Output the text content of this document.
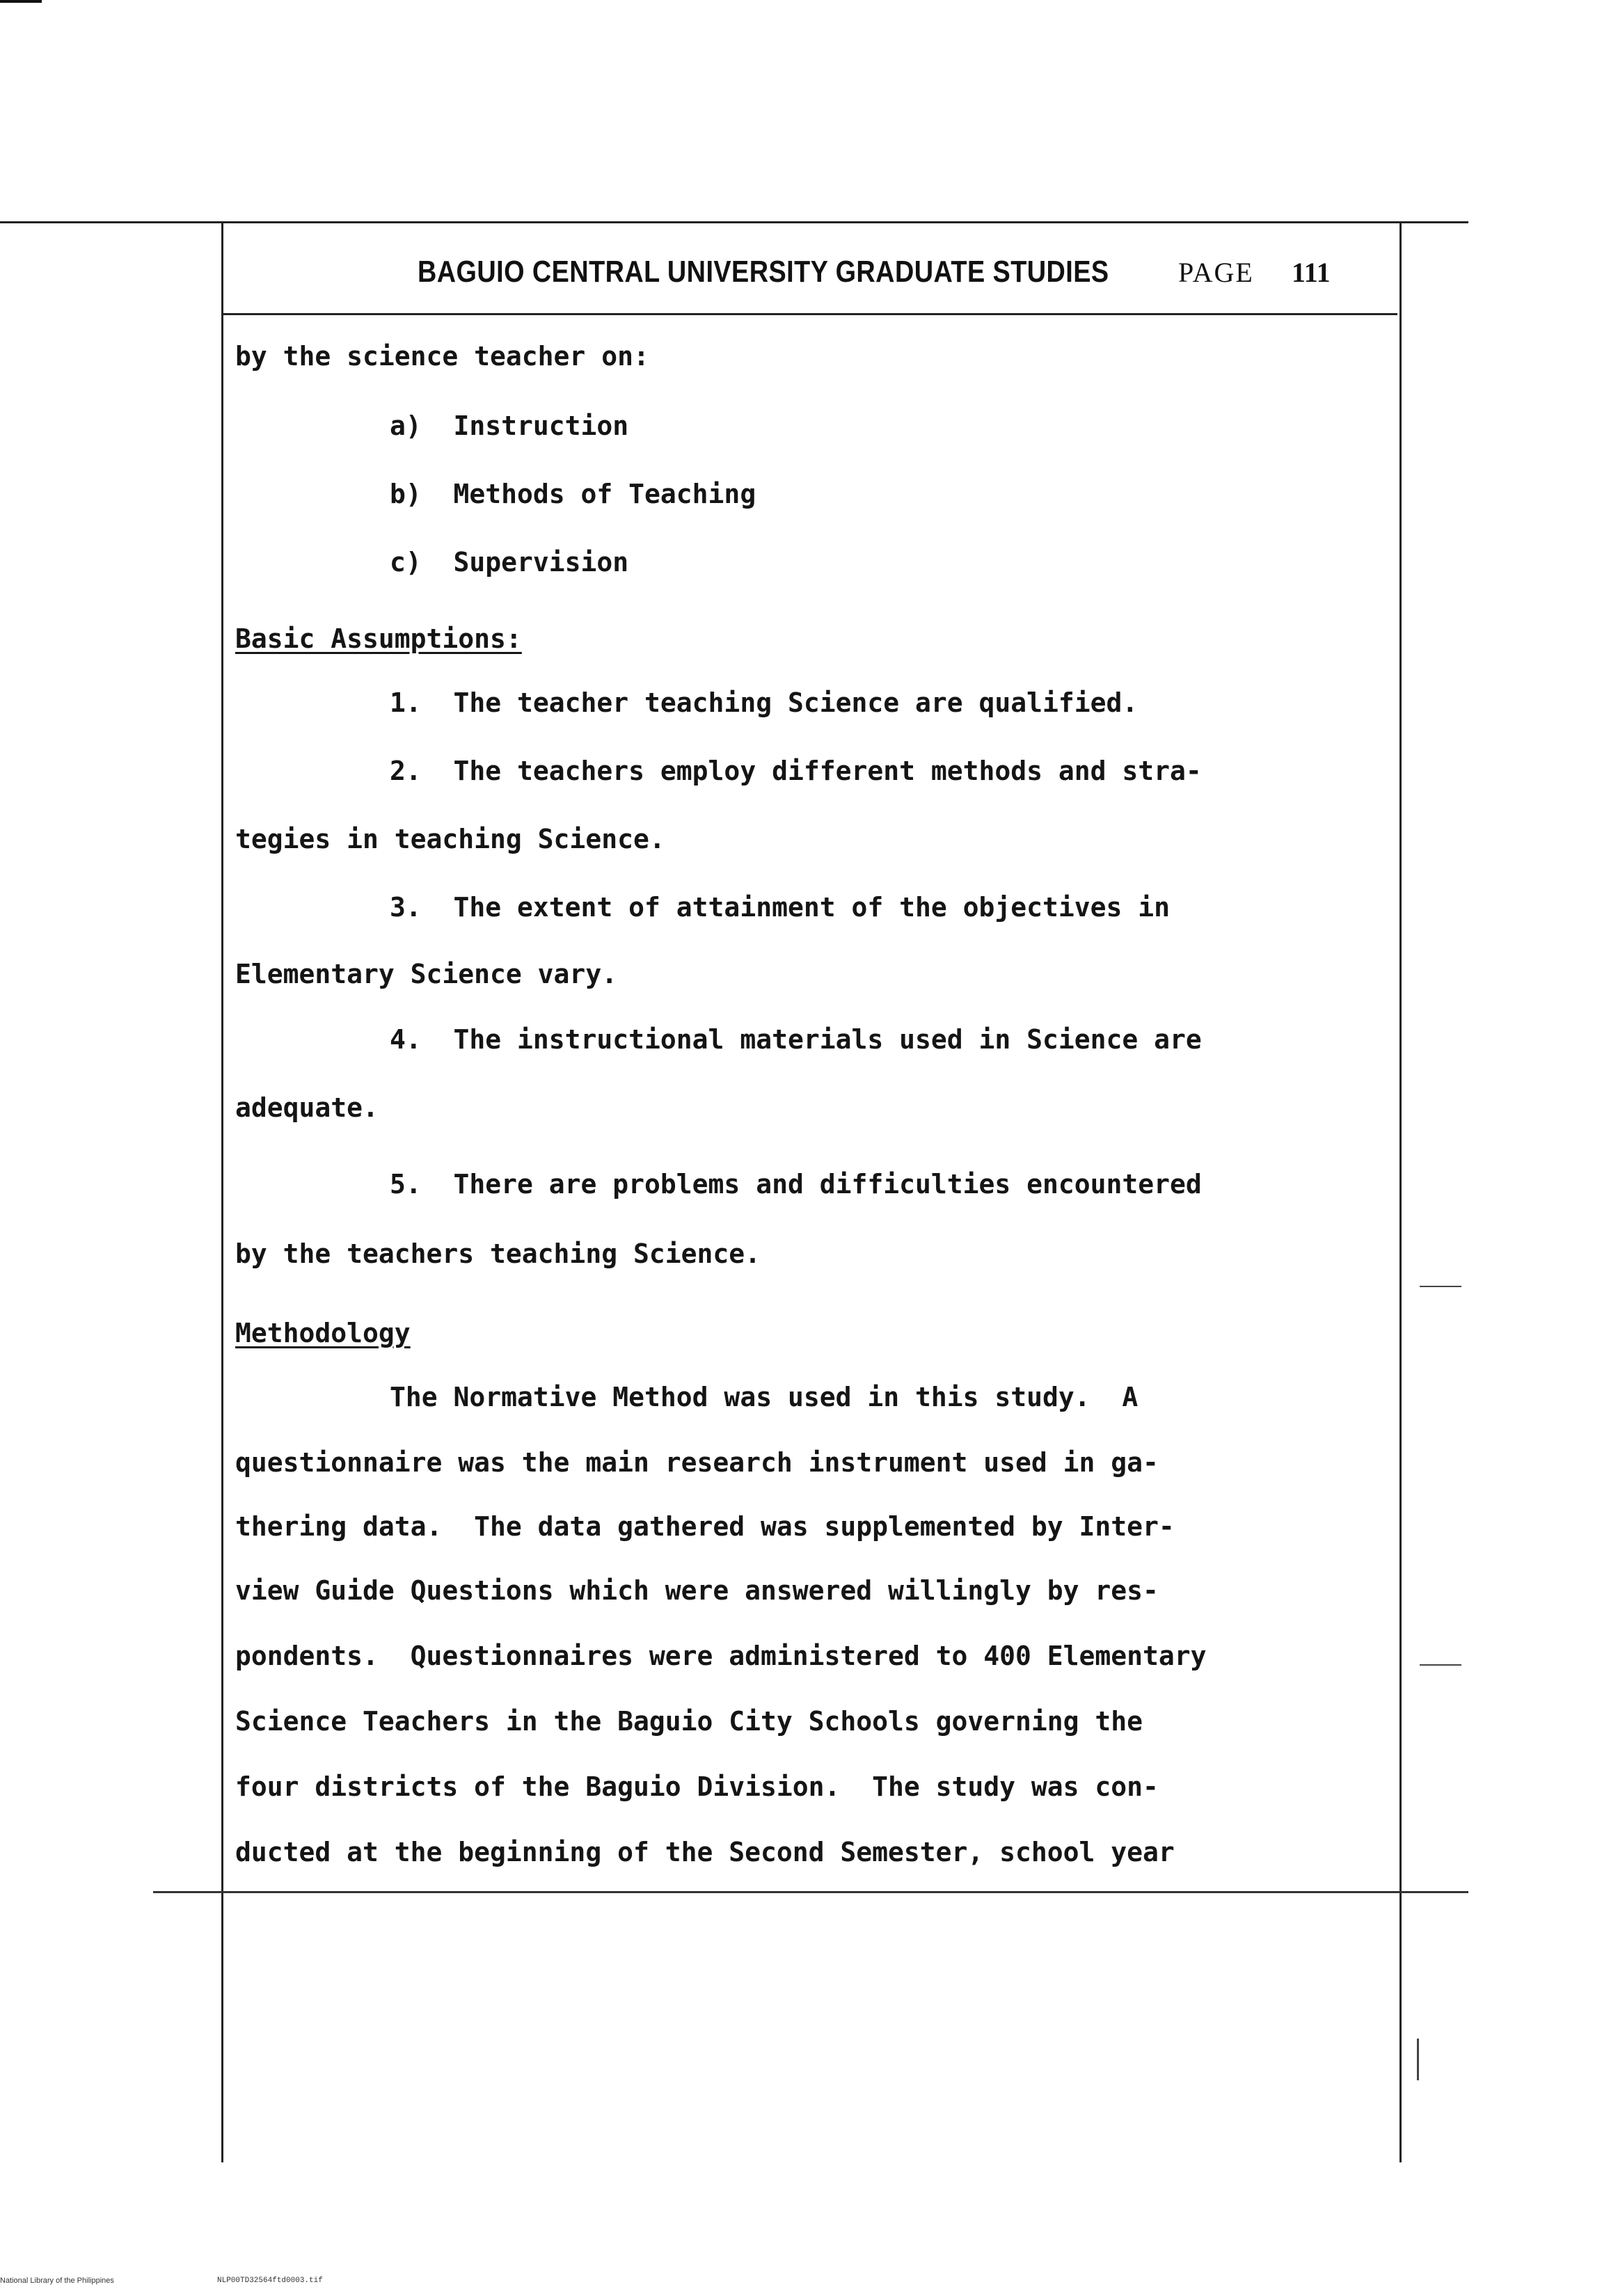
BAGUIO CENTRAL UNIVERSITY GRADUATE STUDIES PAGE 111
by the science teacher on:
a)  Instruction
b)  Methods of Teaching
c)  Supervision
Basic Assumptions:
1.  The teacher teaching Science are qualified.
2.  The teachers employ different methods and stra-
tegies in teaching Science.
3.  The extent of attainment of the objectives in
Elementary Science vary.
4.  The instructional materials used in Science are
adequate.
5.  There are problems and difficulties encountered
by the teachers teaching Science.
Methodology
The Normative Method was used in this study.  A
questionnaire was the main research instrument used in ga-
thering data.  The data gathered was supplemented by Inter-
view Guide Questions which were answered willingly by res-
pondents.  Questionnaires were administered to 400 Elementary
Science Teachers in the Baguio City Schools governing the
four districts of the Baguio Division.  The study was con-
ducted at the beginning of the Second Semester, school year
National Library of the Philippines	NLP00TD32564ftd0003.tif
